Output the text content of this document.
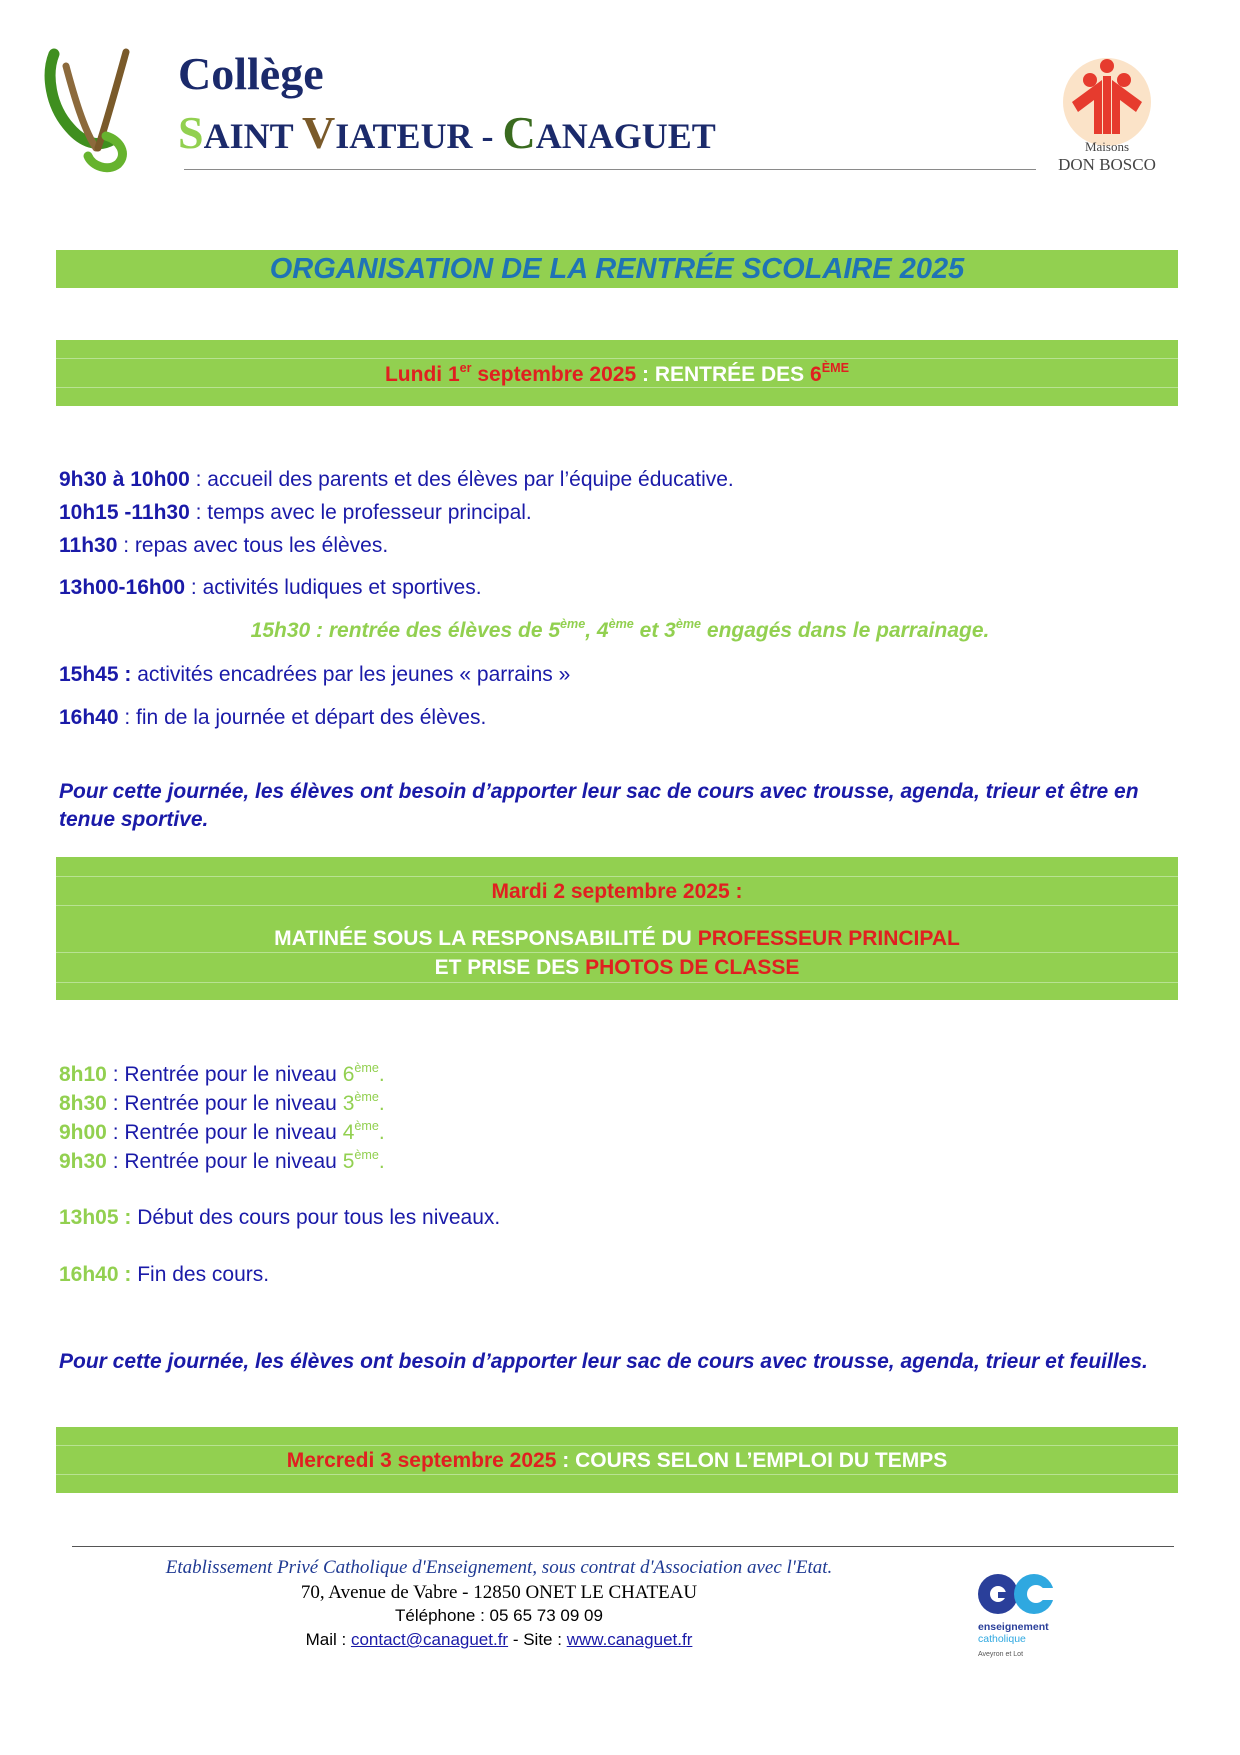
Collège
SAINT VIATEUR - CANAGUET	Maisons
DON BOSCO
ORGANISATION DE LA RENTRÉE SCOLAIRE 2025
Lundi 1er septembre 2025 : RENTRÉE DES 6ÈME
9h30 à 10h00 : accueil des parents et des élèves par l’équipe éducative.
10h15 -11h30 : temps avec le professeur principal.
11h30 : repas avec tous les élèves.
13h00-16h00 : activités ludiques et sportives.
15h30 : rentrée des élèves de 5ème, 4ème et 3ème engagés dans le parrainage.
15h45 : activités encadrées par les jeunes « parrains »
16h40 : fin de la journée et départ des élèves.
Pour cette journée, les élèves ont besoin d’apporter leur sac de cours avec trousse, agenda, trieur et être en tenue sportive.
Mardi 2 septembre 2025 :
MATINÉE SOUS LA RESPONSABILITÉ DU PROFESSEUR PRINCIPAL
ET PRISE DES PHOTOS DE CLASSE
8h10 : Rentrée pour le niveau 6ème.
8h30 : Rentrée pour le niveau 3ème.
9h00 : Rentrée pour le niveau 4ème.
9h30 : Rentrée pour le niveau 5ème.
13h05 : Début des cours pour tous les niveaux.
16h40 : Fin des cours.
Pour cette journée, les élèves ont besoin d’apporter leur sac de cours avec trousse, agenda, trieur et feuilles.
Mercredi 3 septembre 2025 : COURS SELON L’EMPLOI DU TEMPS
Etablissement Privé Catholique d'Enseignement, sous contrat d'Association avec l'Etat.
70, Avenue de Vabre - 12850 ONET LE CHATEAU
Téléphone : 05 65 73 09 09
Mail : contact@canaguet.fr - Site : www.canaguet.fr
enseignement
catholique
Aveyron et Lot
